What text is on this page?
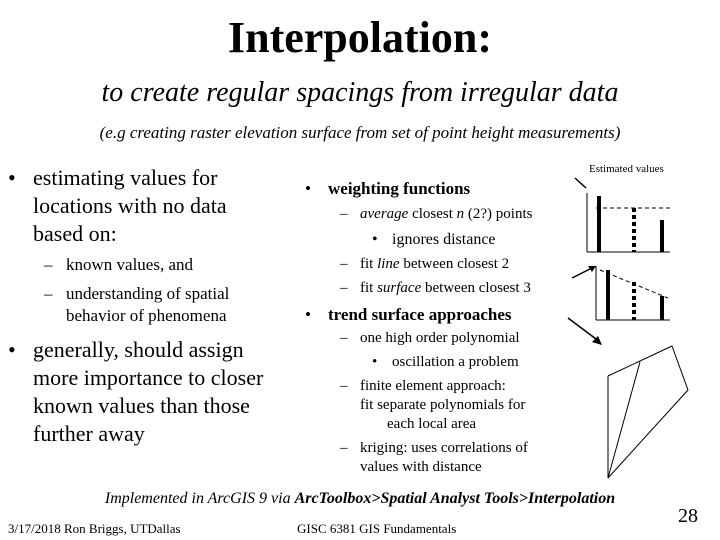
Interpolation:
to create regular spacings from irregular data
(e.g creating raster elevation surface from set of point height measurements)
• estimating values for
locations with no data
based on:
– known values, and
– understanding of spatial
behavior of phenomena
• generally, should assign
more importance to closer
known values than those
further away
Estimated values
• weighting functions
– average closest n (2?) points
• ignores distance
– fit line between closest 2
– fit surface between closest 3
• trend surface approaches
– one high order polynomial
• oscillation a problem
– finite element approach:
fit separate polynomials for
each local area
– kriging: uses correlations of
values with distance
Implemented in ArcGIS 9 via ArcToolbox>Spatial Analyst Tools>Interpolation
3/17/2018 Ron Briggs, UTDallas	GISC 6381 GIS Fundamentals
28
